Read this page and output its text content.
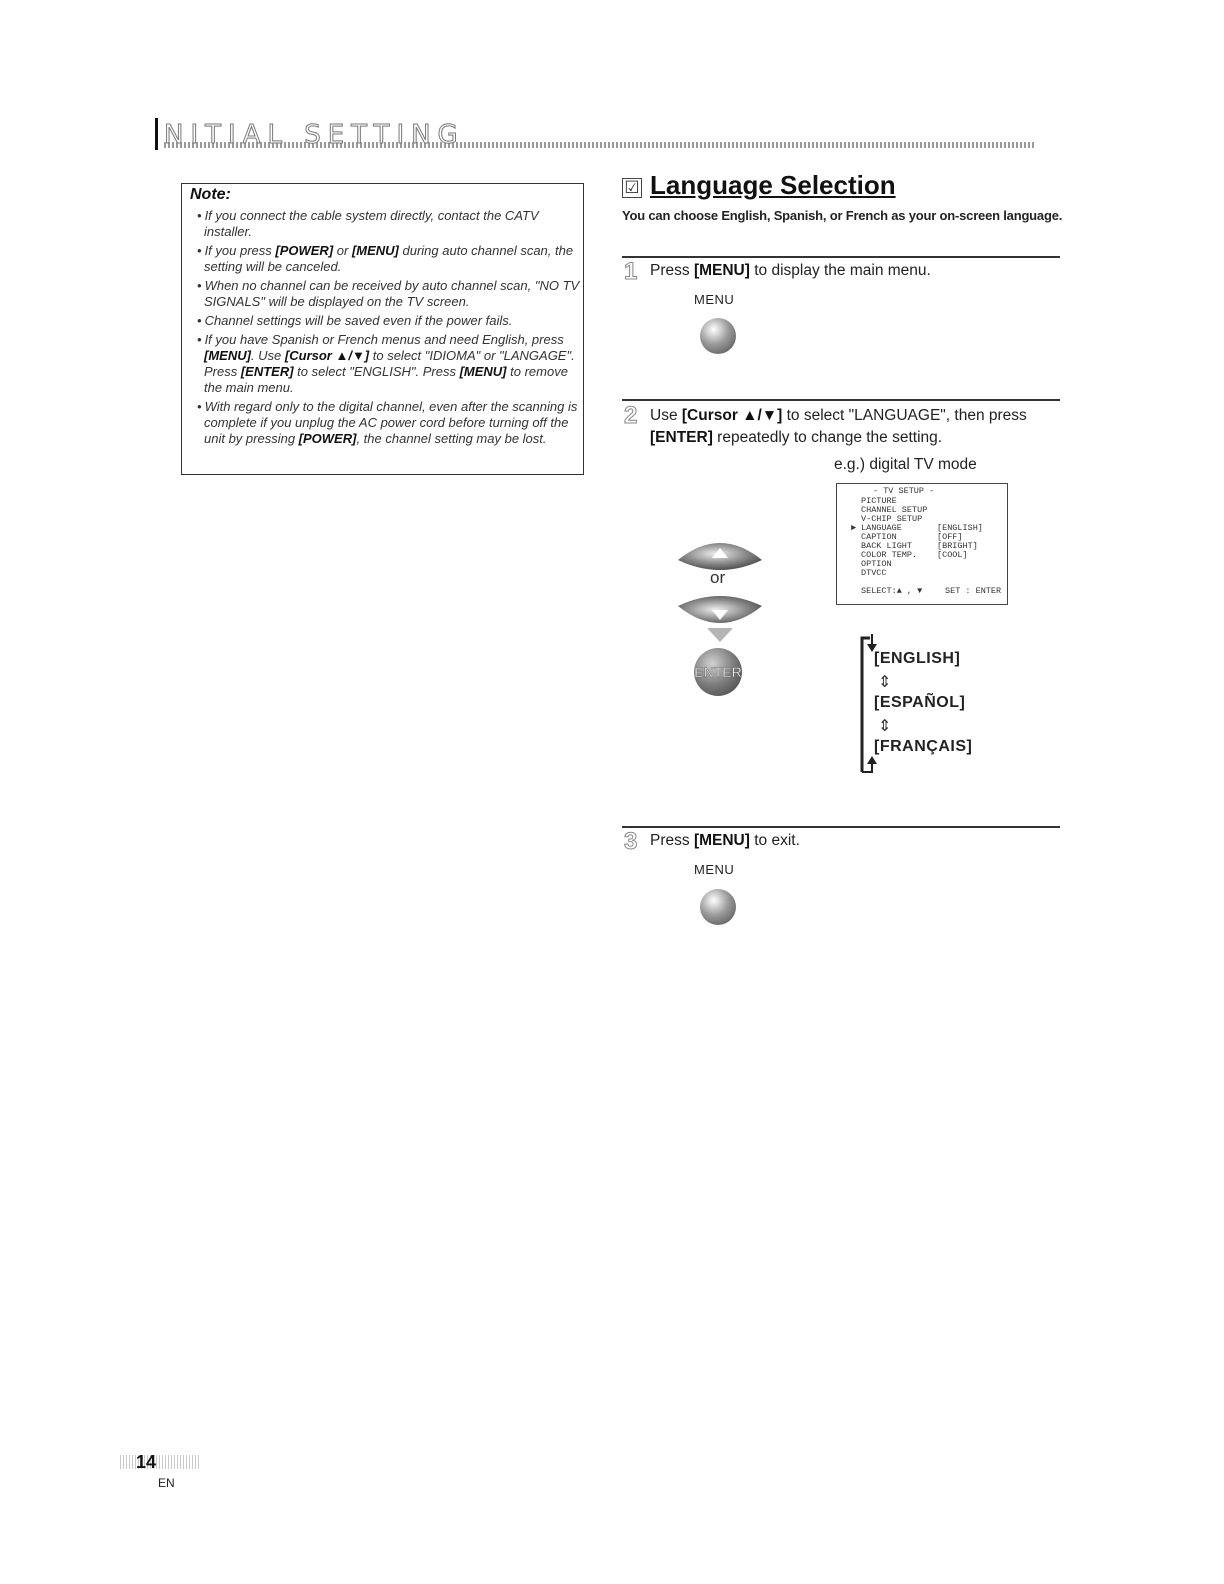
NITIAL SETTING
Note:
• If you connect the cable system directly, contact the CATV installer.
• If you press [POWER] or [MENU] during auto channel scan, the setting will be canceled.
• When no channel can be received by auto channel scan, "NO TV SIGNALS" will be displayed on the TV screen.
• Channel settings will be saved even if the power fails.
• If you have Spanish or French menus and need English, press [MENU]. Use [Cursor ▲/▼] to select "IDIOMA" or "LANGAGE". Press [ENTER] to select "ENGLISH". Press [MENU] to remove the main menu.
• With regard only to the digital channel, even after the scanning is complete if you unplug the AC power cord before turning off the unit by pressing [POWER], the channel setting may be lost.
☑ Language Selection
You can choose English, Spanish, or French as your on-screen language.
1 Press [MENU] to display the main menu.
MENU
2 Use [Cursor ▲/▼] to select "LANGUAGE", then press [ENTER] repeatedly to change the setting.
e.g.) digital TV mode
or
ENTER
- TV SETUP -
PICTURE
CHANNEL SETUP
V-CHIP SETUP
► LANGUAGE
CAPTION
BACK LIGHT
COLOR TEMP.
OPTION
DTVCC
[ENGLISH]
[OFF]
[BRIGHT]
[COOL]
SELECT:▲ , ▼	SET : ENTER
[ENGLISH]
⇕
[ESPAÑOL]
⇕
[FRANÇAIS]
3 Press [MENU] to exit.
MENU
14
EN
